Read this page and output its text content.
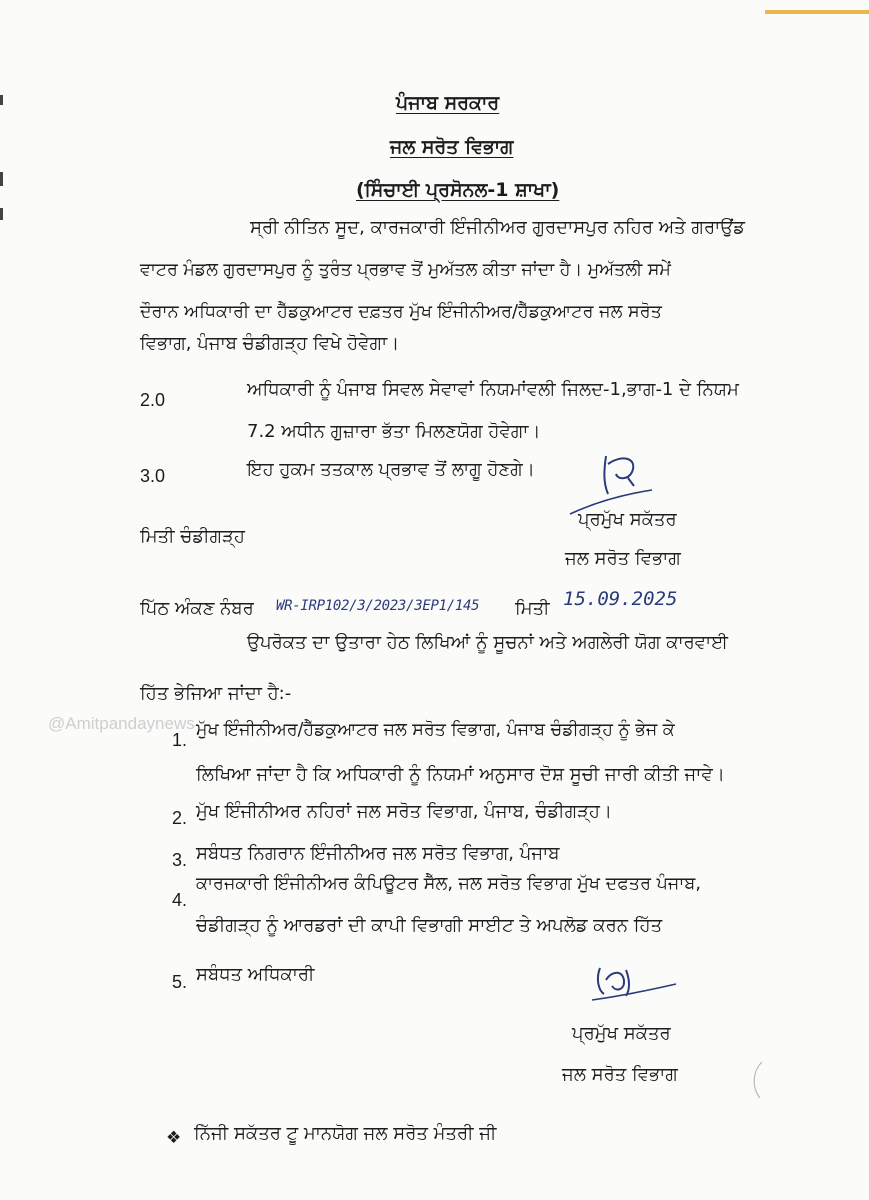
ਪੰਜਾਬ ਸਰਕਾਰ
ਜਲ ਸਰੋਤ ਵਿਭਾਗ
(ਸਿੰਚਾਈ ਪ੍ਰਸੋਨਲ-1 ਸ਼ਾਖਾ)
ਸ੍ਰੀ ਨੀਤਿਨ ਸੂਦ, ਕਾਰਜਕਾਰੀ ਇੰਜੀਨੀਅਰ ਗੁਰਦਾਸਪੁਰ ਨਹਿਰ ਅਤੇ ਗਰਾਉਂਡ
ਵਾਟਰ ਮੰਡਲ ਗੁਰਦਾਸਪੁਰ ਨੂੰ ਤੁਰੰਤ ਪ੍ਰਭਾਵ ਤੋਂ ਮੁਅੱਤਲ ਕੀਤਾ ਜਾਂਦਾ ਹੈ। ਮੁਅੱਤਲੀ ਸਮੇਂ
ਦੌਰਾਨ ਅਧਿਕਾਰੀ ਦਾ ਹੈੱਡਕੁਆਟਰ ਦਫ਼ਤਰ ਮੁੱਖ ਇੰਜੀਨੀਅਰ/ਹੈੱਡਕੁਆਟਰ ਜਲ ਸਰੋਤ
ਵਿਭਾਗ, ਪੰਜਾਬ ਚੰਡੀਗੜ੍ਹ ਵਿਖੇ ਹੋਵੇਗਾ।
2.0	ਅਧਿਕਾਰੀ ਨੂੰ ਪੰਜਾਬ ਸਿਵਲ ਸੇਵਾਵਾਂ ਨਿਯਮਾਂਵਲੀ ਜਿਲਦ-1,ਭਾਗ-1 ਦੇ ਨਿਯਮ
7.2 ਅਧੀਨ ਗੁਜ਼ਾਰਾ ਭੱਤਾ ਮਿਲਣਯੋਗ ਹੋਵੇਗਾ।
3.0	ਇਹ ਹੁਕਮ ਤਤਕਾਲ ਪ੍ਰਭਾਵ ਤੋਂ ਲਾਗੂ ਹੋਣਗੇ।
ਮਿਤੀ ਚੰਡੀਗੜ੍ਹ
ਪ੍ਰਮੁੱਖ ਸਕੱਤਰ
ਜਲ ਸਰੋਤ ਵਿਭਾਗ
ਪਿੱਠ ਅੰਕਣ ਨੰਬਰ WR-IRP102/3/2023/3EP1/145 ਮਿਤੀ 15.09.2025
ਉਪਰੋਕਤ ਦਾ ਉਤਾਰਾ ਹੇਠ ਲਿਖਿਆਂ ਨੂੰ ਸੂਚਨਾਂ ਅਤੇ ਅਗਲੇਰੀ ਯੋਗ ਕਾਰਵਾਈ
ਹਿੱਤ ਭੇਜਿਆ ਜਾਂਦਾ ਹੈ:-
1. ਮੁੱਖ ਇੰਜੀਨੀਅਰ/ਹੈੱਡਕੁਆਟਰ ਜਲ ਸਰੋਤ ਵਿਭਾਗ, ਪੰਜਾਬ ਚੰਡੀਗੜ੍ਹ ਨੂੰ ਭੇਜ ਕੇ
ਲਿਖਿਆ ਜਾਂਦਾ ਹੈ ਕਿ ਅਧਿਕਾਰੀ ਨੂੰ ਨਿਯਮਾਂ ਅਨੁਸਾਰ ਦੋਸ਼ ਸੂਚੀ ਜਾਰੀ ਕੀਤੀ ਜਾਵੇ।
2. ਮੁੱਖ ਇੰਜੀਨੀਅਰ ਨਹਿਰਾਂ ਜਲ ਸਰੋਤ ਵਿਭਾਗ, ਪੰਜਾਬ, ਚੰਡੀਗੜ੍ਹ।
3. ਸਬੰਧਤ ਨਿਗਰਾਨ ਇੰਜੀਨੀਅਰ ਜਲ ਸਰੋਤ ਵਿਭਾਗ, ਪੰਜਾਬ
4.
ਕਾਰਜਕਾਰੀ ਇੰਜੀਨੀਅਰ ਕੰਪਿਊਟਰ ਸੈੱਲ, ਜਲ ਸਰੋਤ ਵਿਭਾਗ ਮੁੱਖ ਦਫਤਰ ਪੰਜਾਬ,
ਚੰਡੀਗੜ੍ਹ ਨੂੰ ਆਰਡਰਾਂ ਦੀ ਕਾਪੀ ਵਿਭਾਗੀ ਸਾਈਟ ਤੇ ਅਪਲੋਡ ਕਰਨ ਹਿੱਤ
5. ਸਬੰਧਤ ਅਧਿਕਾਰੀ
ਪ੍ਰਮੁੱਖ ਸਕੱਤਰ
ਜਲ ਸਰੋਤ ਵਿਭਾਗ
❖ ਨਿੱਜੀ ਸਕੱਤਰ ਟੂ ਮਾਨਯੋਗ ਜਲ ਸਰੋਤ ਮੰਤਰੀ ਜੀ
@Amitpandaynews
